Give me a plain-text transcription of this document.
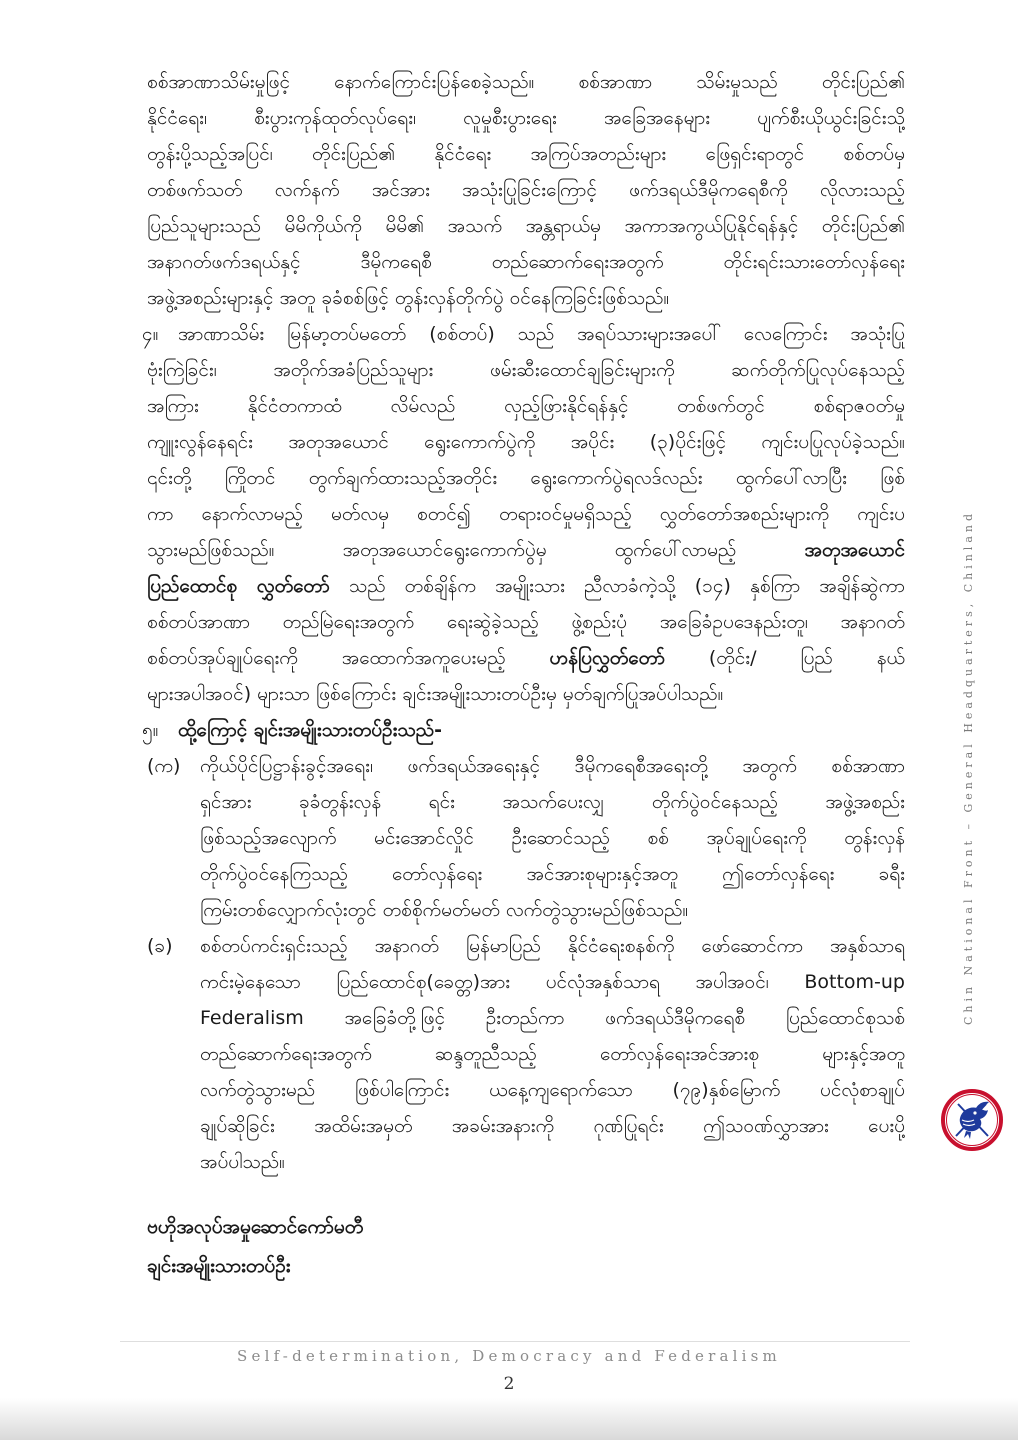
စစ်အာဏာသိမ်းမှုဖြင့် နောက်ကြောင်းပြန်စေခဲ့သည်။ စစ်အာဏာ သိမ်းမှုသည် တိုင်းပြည်၏
နိုင်ငံရေး၊ စီးပွားကုန်ထုတ်လုပ်ရေး၊ လူမှုစီးပွားရေး အခြေအနေများ ပျက်စီးယိုယွင်းခြင်းသို့
တွန်းပို့သည့်အပြင်၊ တိုင်းပြည်၏ နိုင်ငံရေး အကြပ်အတည်းများ ဖြေရှင်းရာတွင် စစ်တပ်မှ
တစ်ဖက်သတ် လက်နက် အင်အား အသုံးပြုခြင်းကြောင့် ဖက်ဒရယ်ဒီမိုကရေစီကို လိုလားသည့်
ပြည်သူများသည် မိမိကိုယ်ကို မိမိ၏ အသက် အန္တရာယ်မှ အကာအကွယ်ပြုနိုင်ရန်နှင့် တိုင်းပြည်၏
အနာဂတ်ဖက်ဒရယ်နှင့် ဒီမိုကရေစီ တည်ဆောက်ရေးအတွက် တိုင်းရင်းသားတော်လှန်ရေး
အဖွဲ့အစည်းများနှင့် အတူ ခုခံစစ်ဖြင့် တွန်းလှန်တိုက်ပွဲ ဝင်နေကြခြင်းဖြစ်သည်။
၄။ အာဏာသိမ်း မြန်မာ့တပ်မတော် (စစ်တပ်) သည် အရပ်သားများအပေါ် လေကြောင်း အသုံးပြု
ဗုံးကြဲခြင်း၊ အတိုက်အခံပြည်သူများ ဖမ်းဆီးထောင်ချခြင်းများကို ဆက်တိုက်ပြုလုပ်နေသည့်
အကြား နိုင်ငံတကာထံ လိမ်လည် လှည့်ဖြားနိုင်ရန်နှင့် တစ်ဖက်တွင် စစ်ရာဇဝတ်မှု
ကျူးလွန်နေရင်း အတုအယောင် ရွေးကောက်ပွဲကို အပိုင်း (၃)ပိုင်းဖြင့် ကျင်းပပြုလုပ်ခဲ့သည်။
၎င်းတို့ ကြိုတင် တွက်ချက်ထားသည့်အတိုင်း ရွေးကောက်ပွဲရလဒ်လည်း ထွက်ပေါ်လာပြီး ဖြစ်
ကာ နောက်လာမည့် မတ်လမှ စတင်၍ တရားဝင်မှုမရှိသည့် လွှတ်တော်အစည်းများကို ကျင်းပ
သွားမည်ဖြစ်သည်။ အတုအယောင်ရွေးကောက်ပွဲမှ ထွက်ပေါ်လာမည့်	အတုအယောင်
ပြည်ထောင်စု လွှတ်တော် သည် တစ်ချိန်က အမျိုးသား ညီလာခံကဲ့သို့ (၁၄) နှစ်ကြာ အချိန်ဆွဲကာ
စစ်တပ်အာဏာ တည်မြဲရေးအတွက် ရေးဆွဲခဲ့သည့် ဖွဲ့စည်းပုံ အခြေခံဥပဒေနည်းတူ၊ အနာဂတ်
စစ်တပ်အုပ်ချုပ်ရေးကို အထောက်အကူပေးမည့် ဟန်ပြလွှတ်တော် (တိုင်း/ ပြည် နယ်
များအပါအဝင်) များသာ ဖြစ်ကြောင်း ချင်းအမျိုးသားတပ်ဦးမှ မှတ်ချက်ပြုအပ်ပါသည်။
၅။ ထို့ကြောင့် ချင်းအမျိုးသားတပ်ဦးသည်-
(က) ကိုယ်ပိုင်ပြဋ္ဌာန်းခွင့်အရေး၊ ဖက်ဒရယ်အရေးနှင့် ဒီမိုကရေစီအရေးတို့ အတွက် စစ်အာဏာ
ရှင်အား ခုခံတွန်းလှန် ရင်း အသက်ပေးလျှ တိုက်ပွဲဝင်နေသည့် အဖွဲ့အစည်း
ဖြစ်သည့်အလျောက် မင်းအောင်လှိုင် ဦးဆောင်သည့် စစ် အုပ်ချုပ်ရေးကို တွန်းလှန်
တိုက်ပွဲဝင်နေကြသည့် တော်လှန်ရေး အင်အားစုများနှင့်အတူ ဤတော်လှန်ရေး ခရီး
ကြမ်းတစ်လျှောက်လုံးတွင် တစ်စိုက်မတ်မတ် လက်တွဲသွားမည်ဖြစ်သည်။
(ခ) စစ်တပ်ကင်းရှင်းသည့် အနာဂတ် မြန်မာပြည် နိုင်ငံရေးစနစ်ကို ဖော်ဆောင်ကာ အနှစ်သာရ
ကင်းမဲ့နေသော ပြည်ထောင်စု(ခေတ္တ)အား ပင်လုံအနှစ်သာရ အပါအဝင်၊ Bottom-up
Federalism အခြေခံတို့ဖြင့် ဦးတည်ကာ ဖက်ဒရယ်ဒီမိုကရေစီ ပြည်ထောင်စုသစ်
တည်ဆောက်ရေးအတွက် ဆန္ဒတူညီသည့် တော်လှန်ရေးအင်အားစု များနှင့်အတူ
လက်တွဲသွားမည် ဖြစ်ပါကြောင်း ယနေ့ကျရောက်သော (၇၉)နှစ်မြောက် ပင်လုံစာချုပ်
ချုပ်ဆိုခြင်း အထိမ်းအမှတ် အခမ်းအနားကို ဂုဏ်ပြုရင်း ဤသဝဏ်လွှာအား ပေးပို့
အပ်ပါသည်။
ဗဟိုအလုပ်အမှုဆောင်ကော်မတီ
ချင်းအမျိုးသားတပ်ဦး
Chin National Front – General Headquarters, Chinland
Self-determination, Democracy and Federalism
2
